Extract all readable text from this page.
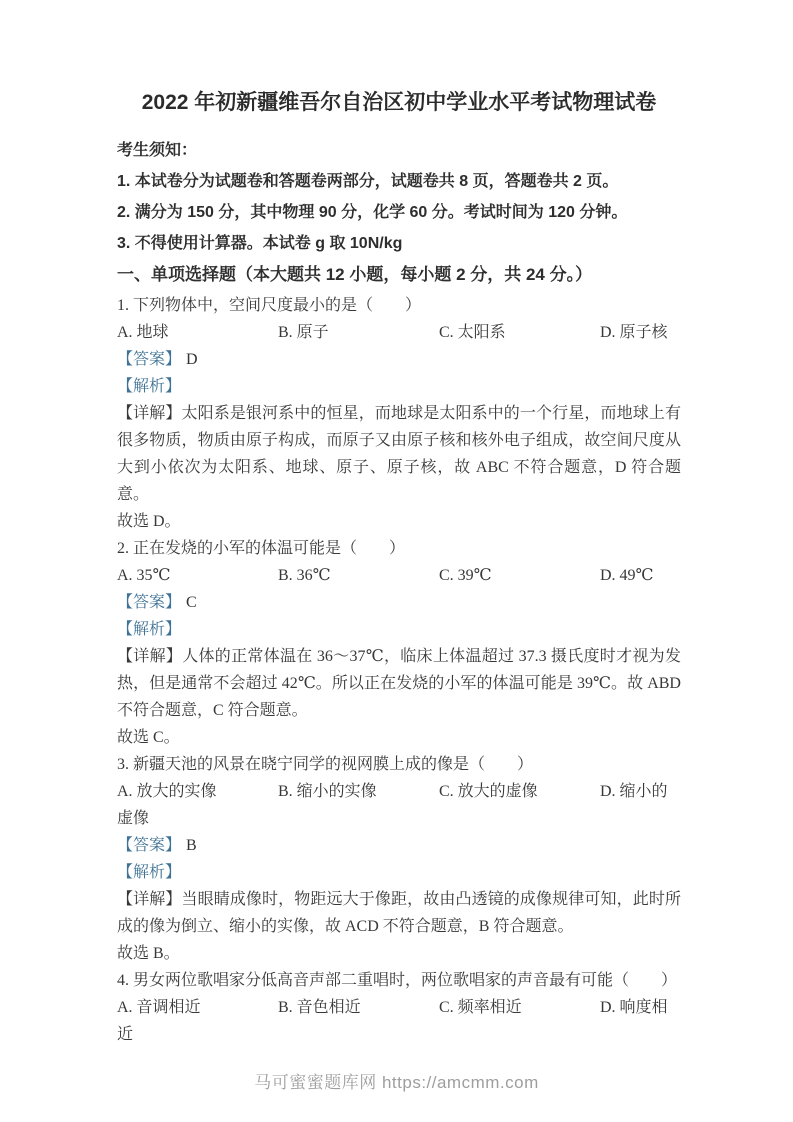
2022 年初新疆维吾尔自治区初中学业水平考试物理试卷

考生须知：

1. 本试卷分为试题卷和答题卷两部分，试题卷共 8 页，答题卷共 2 页。

2. 满分为 150 分，其中物理 90 分，化学 60 分。考试时间为 120 分钟。

3. 不得使用计算器。本试卷 g 取 10N/kg

一、单项选择题（本大题共 12 小题，每小题 2 分，共 24 分。）

1. 下列物体中，空间尺度最小的是（　　）

A. 地球	B. 原子	C. 太阳系	D. 原子核

【答案】 D

【解析】

【详解】太阳系是银河系中的恒星，而地球是太阳系中的一个行星，而地球上有很多物质，物质由原子构成，而原子又由原子核和核外电子组成，故空间尺度从大到小依次为太阳系、地球、原子、原子核，故 ABC 不符合题意，D 符合题意。

故选 D。

2. 正在发烧的小军的体温可能是（　　）

A. 35℃	B. 36℃	C. 39℃	D. 49℃

【答案】 C

【解析】

【详解】人体的正常体温在 36～37℃，临床上体温超过 37.3 摄氏度时才视为发热，但是通常不会超过 42℃。所以正在发烧的小军的体温可能是 39℃。故 ABD 不符合题意，C 符合题意。

故选 C。

3. 新疆天池的风景在晓宁同学的视网膜上成的像是（　　）

A. 放大的实像	B. 缩小的实像	C. 放大的虚像	D. 缩小的虚像

【答案】 B

【解析】

【详解】当眼睛成像时，物距远大于像距，故由凸透镜的成像规律可知，此时所成的像为倒立、缩小的实像，故 ACD 不符合题意，B 符合题意。

故选 B。

4. 男女两位歌唱家分低高音声部二重唱时，两位歌唱家的声音最有可能（　　）

A. 音调相近	B. 音色相近	C. 频率相近	D. 响度相近

马可蜜蜜题库网 https://amcmm.com
